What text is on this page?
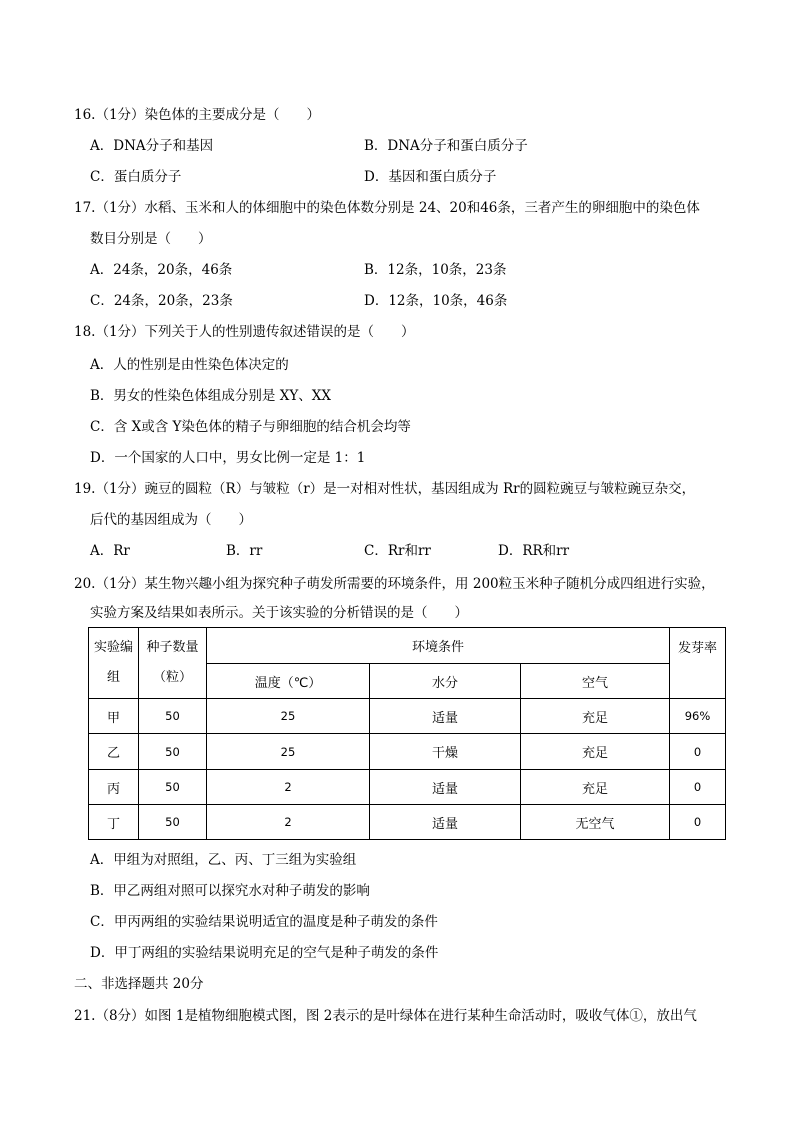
16.（1分）染色体的主要成分是（　　）
A．DNA分子和基因	B．DNA分子和蛋白质分子
C．蛋白质分子	D．基因和蛋白质分子
17.（1分）水稻、玉米和人的体细胞中的染色体数分别是 24、20和46条，三者产生的卵细胞中的染色体
数目分别是（　　）
A．24条，20条，46条	B．12条，10条，23条
C．24条，20条，23条	D．12条，10条，46条
18.（1分）下列关于人的性别遗传叙述错误的是（　　）
A．人的性别是由性染色体决定的
B．男女的性染色体组成分别是 XY、XX
C．含 X或含 Y染色体的精子与卵细胞的结合机会均等
D．一个国家的人口中，男女比例一定是 1：1
19.（1分）豌豆的圆粒（R）与皱粒（r）是一对相对性状，基因组成为 Rr的圆粒豌豆与皱粒豌豆杂交，
后代的基因组成为（　　）
A．Rr	B．rr	C．Rr和rr	D．RR和rr
20.（1分）某生物兴趣小组为探究种子萌发所需要的环境条件，用 200粒玉米种子随机分成四组进行实验，
实验方案及结果如表所示。关于该实验的分析错误的是（　　）
实验编组	种子数量（粒）	环境条件			发芽率
		温度（℃）	水分	空气	
甲	50	25	适量	充足	96%
乙	50	25	干燥	充足	0
丙	50	2	适量	充足	0
丁	50	2	适量	无空气	0
A．甲组为对照组，乙、丙、丁三组为实验组
B．甲乙两组对照可以探究水对种子萌发的影响
C．甲丙两组的实验结果说明适宜的温度是种子萌发的条件
D．甲丁两组的实验结果说明充足的空气是种子萌发的条件
二、非选择题共 20分
21.（8分）如图 1是植物细胞模式图，图 2表示的是叶绿体在进行某种生命活动时，吸收气体①，放出气
